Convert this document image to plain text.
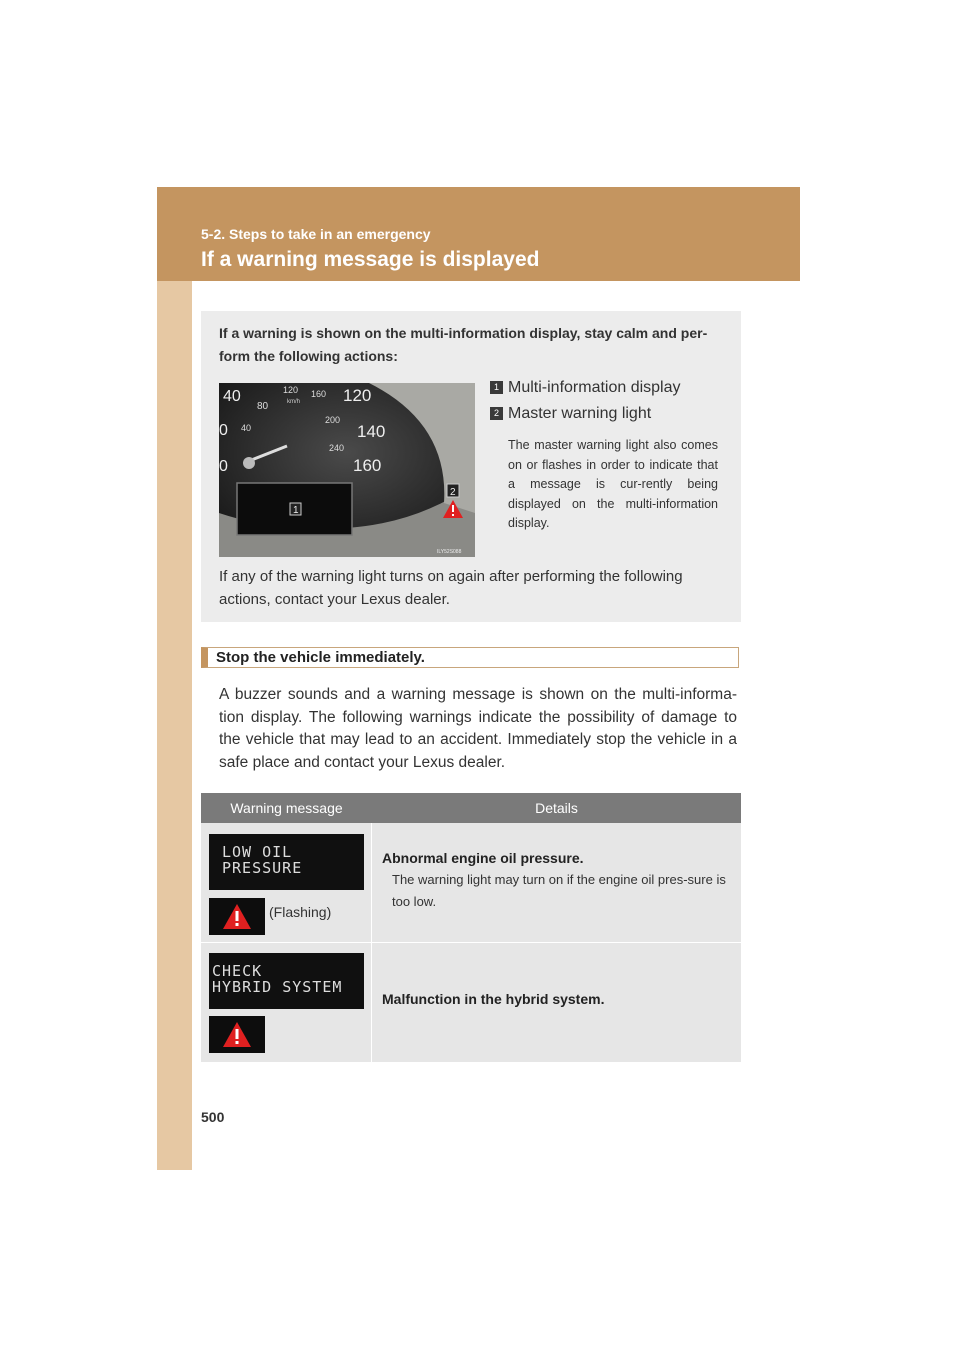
5-2. Steps to take in an emergency
If a warning message is displayed
If a warning is shown on the multi-information display, stay calm and per-form the following actions:
40
80
120
km/h
160 120
140
160
200
240
0 40
0
1
2
ILY52S088
1 Multi-information display
2 Master warning light
The master warning light also comes on or flashes in order to indicate that a message is cur-rently being displayed on the multi-information display.
If any of the warning light turns on again after performing the following actions, contact your Lexus dealer.
Stop the vehicle immediately.
A buzzer sounds and a warning message is shown on the multi-informa-tion display. The following warnings indicate the possibility of damage to the vehicle that may lead to an accident. Immediately stop the vehicle in a safe place and contact your Lexus dealer.
Warning message	Details
LOW OIL
PRESSURE
(Flashing)
Abnormal engine oil pressure.
The warning light may turn on if the engine oil pres-sure is too low.
CHECK
HYBRID SYSTEM
Malfunction in the hybrid system.
500
